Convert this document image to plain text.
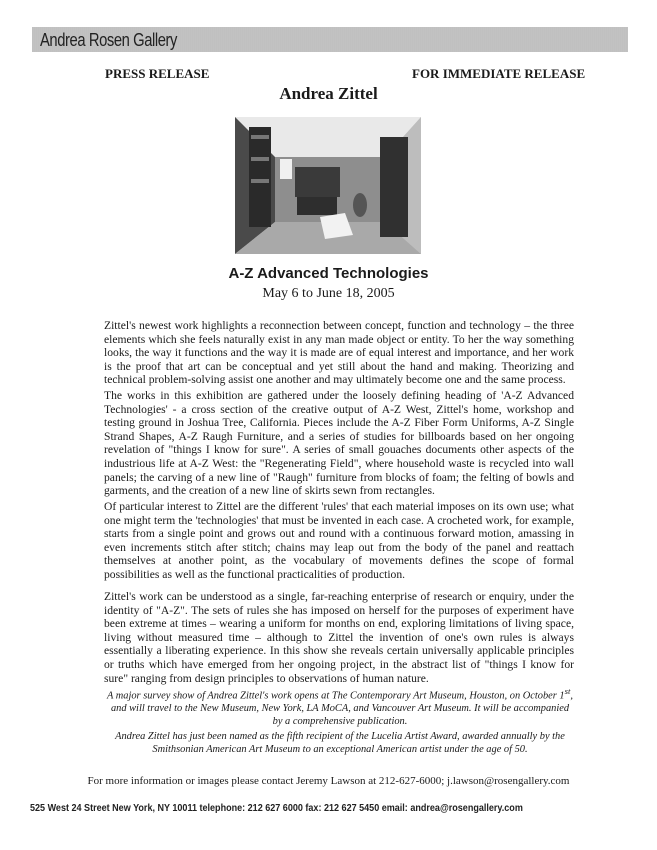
Andrea Rosen Gallery
PRESS RELEASE	FOR IMMEDIATE RELEASE
Andrea Zittel
A-Z Advanced Technologies
May 6 to June 18, 2005

Zittel's newest work highlights a reconnection between concept, function and technology – the three elements which she feels naturally exist in any man made object or entity. To her the way something looks, the way it functions and the way it is made are of equal interest and importance, and her work is the proof that art can be conceptual and yet still about the hand and making. Theorizing and technical problem-solving assist one another and may ultimately become one and the same process.

The works in this exhibition are gathered under the loosely defining heading of 'A-Z Advanced Technologies' - a cross section of the creative output of A-Z West, Zittel's home, workshop and testing ground in Joshua Tree, California. Pieces include the A-Z Fiber Form Uniforms, A-Z Single Strand Shapes, A-Z Raugh Furniture, and a series of studies for billboards based on her ongoing revelation of "things I know for sure". A series of small gouaches documents other aspects of the industrious life at A-Z West: the "Regenerating Field", where household waste is recycled into wall panels; the carving of a new line of "Raugh" furniture from blocks of foam; the felting of bowls and garments, and the creation of a new line of skirts sewn from rectangles.

Of particular interest to Zittel are the different 'rules' that each material imposes on its own use; what one might term the 'technologies' that must be invented in each case. A crocheted work, for example, starts from a single point and grows out and round with a continuous forward motion, amassing in even increments stitch after stitch; chains may leap out from the body of the panel and reattach themselves at another point, as the vocabulary of movements defines the scope of formal possibilities as well as the functional practicalities of production.

Zittel's work can be understood as a single, far-reaching enterprise of research or enquiry, under the identity of "A-Z". The sets of rules she has imposed on herself for the purposes of experiment have been extreme at times – wearing a uniform for months on end, exploring limitations of living space, living without measured time – although to Zittel the invention of one's own rules is always essentially a liberating experience. In this show she reveals certain universally applicable principles or truths which have emerged from her ongoing project, in the abstract list of "things I know for sure" ranging from design principles to observations of human nature.

A major survey show of Andrea Zittel's work opens at The Contemporary Art Museum, Houston, on October 1st, and will travel to the New Museum, New York, LA MoCA, and Vancouver Art Museum. It will be accompanied by a comprehensive publication.

Andrea Zittel has just been named as the fifth recipient of the Lucelia Artist Award, awarded annually by the Smithsonian American Art Museum to an exceptional American artist under the age of 50.

For more information or images please contact Jeremy Lawson at 212-627-6000; j.lawson@rosengallery.com
525 West 24 Street New York, NY 10011 telephone: 212 627 6000 fax: 212 627 5450 email: andrea@rosengallery.com
